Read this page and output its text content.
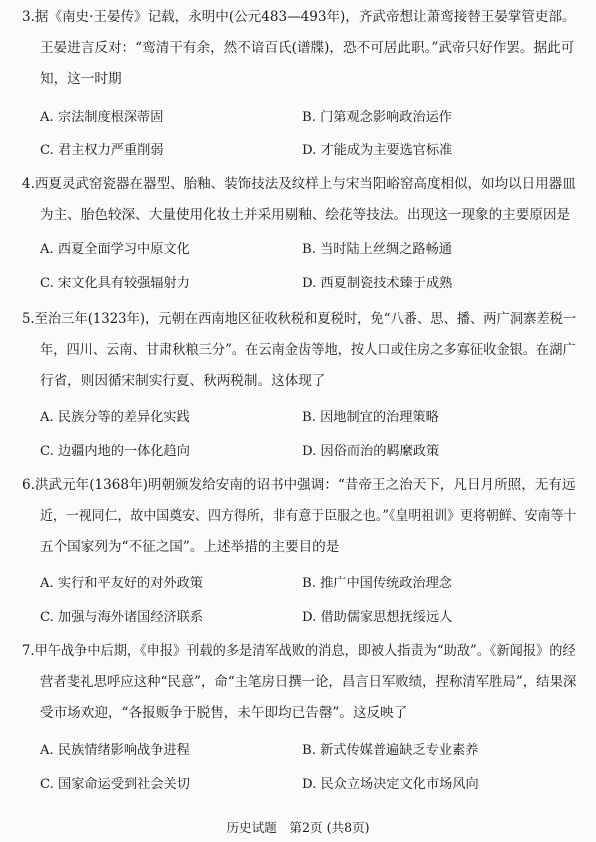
3.据《南史·王晏传》记载，永明中(公元483—493年)，齐武帝想让萧鸾接替王晏掌管吏部。
王晏进言反对：“鸾清干有余，然不谙百氏(谱牒)，恐不可居此职。”武帝只好作罢。据此可
知，这一时期
A. 宗法制度根深蒂固	B. 门第观念影响政治运作
C. 君主权力严重削弱	D. 才能成为主要选官标准
4.西夏灵武窑瓷器在器型、胎釉、装饰技法及纹样上与宋当阳峪窑高度相似，如均以日用器皿
为主、胎色较深、大量使用化妆土并采用剔釉、绘花等技法。出现这一现象的主要原因是
A. 西夏全面学习中原文化	B. 当时陆上丝绸之路畅通
C. 宋文化具有较强辐射力	D. 西夏制瓷技术臻于成熟
5.至治三年(1323年)，元朝在西南地区征收秋税和夏税时，免“八番、思、播、两广洞寨差税一
年，四川、云南、甘肃秋粮三分”。在云南金齿等地，按人口或住房之多寡征收金银。在湖广
行省，则因循宋制实行夏、秋两税制。这体现了
A. 民族分等的差异化实践	B. 因地制宜的治理策略
C. 边疆内地的一体化趋向	D. 因俗而治的羁縻政策
6.洪武元年(1368年)明朝颁发给安南的诏书中强调：“昔帝王之治天下，凡日月所照，无有远
近，一视同仁，故中国奠安、四方得所，非有意于臣服之也。”《皇明祖训》更将朝鲜、安南等十
五个国家列为“不征之国”。上述举措的主要目的是
A. 实行和平友好的对外政策	B. 推广中国传统政治理念
C. 加强与海外诸国经济联系	D. 借助儒家思想抚绥远人
7.甲午战争中后期，《申报》刊载的多是清军战败的消息，即被人指责为“助敌”。《新闻报》的经
营者斐礼思呼应这种“民意”，命“主笔房日撰一论，昌言日军败绩，捏称清军胜局”，结果深
受市场欢迎，“各报贩争于脱售，未午即均已告罄”。这反映了
A. 民族情绪影响战争进程	B. 新式传媒普遍缺乏专业素养
C. 国家命运受到社会关切	D. 民众立场决定文化市场风向
历史试题　第2页 (共8页)
